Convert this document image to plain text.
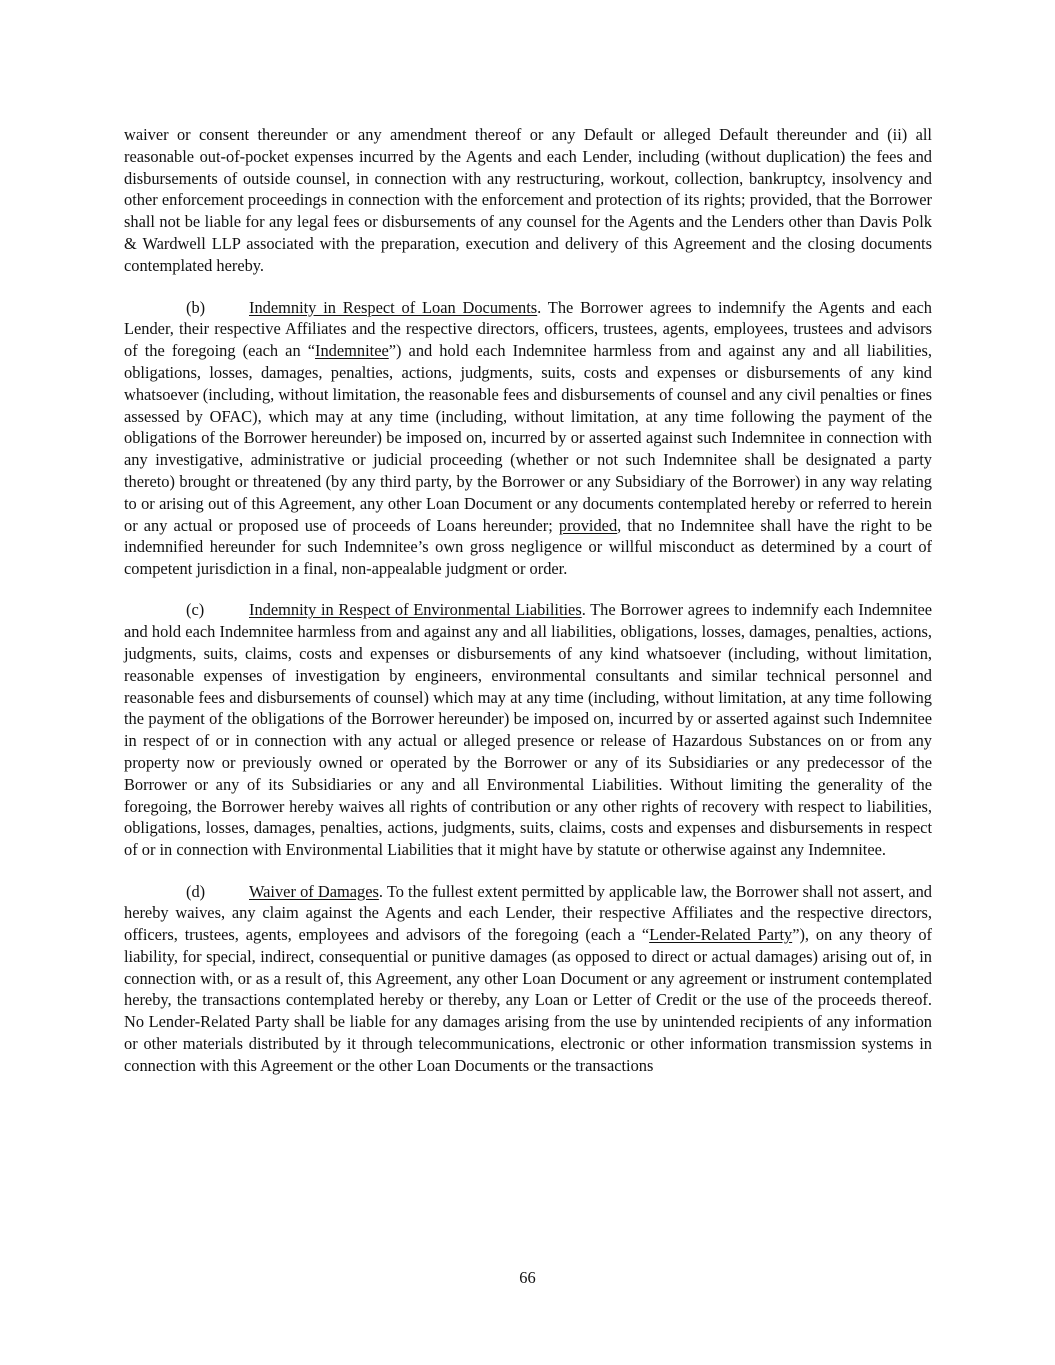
waiver or consent thereunder or any amendment thereof or any Default or alleged Default thereunder and (ii) all reasonable out-of-pocket expenses incurred by the Agents and each Lender, including (without duplication) the fees and disbursements of outside counsel, in connection with any restructuring, workout, collection, bankruptcy, insolvency and other enforcement proceedings in connection with the enforcement and protection of its rights; provided, that the Borrower shall not be liable for any legal fees or disbursements of any counsel for the Agents and the Lenders other than Davis Polk & Wardwell LLP associated with the preparation, execution and delivery of this Agreement and the closing documents contemplated hereby.

(b)	Indemnity in Respect of Loan Documents. The Borrower agrees to indemnify the Agents and each Lender, their respective Affiliates and the respective directors, officers, trustees, agents, employees, trustees and advisors of the foregoing (each an “Indemnitee”) and hold each Indemnitee harmless from and against any and all liabilities, obligations, losses, damages, penalties, actions, judgments, suits, costs and expenses or disbursements of any kind whatsoever (including, without limitation, the reasonable fees and disbursements of counsel and any civil penalties or fines assessed by OFAC), which may at any time (including, without limitation, at any time following the payment of the obligations of the Borrower hereunder) be imposed on, incurred by or asserted against such Indemnitee in connection with any investigative, administrative or judicial proceeding (whether or not such Indemnitee shall be designated a party thereto) brought or threatened (by any third party, by the Borrower or any Subsidiary of the Borrower) in any way relating to or arising out of this Agreement, any other Loan Document or any documents contemplated hereby or referred to herein or any actual or proposed use of proceeds of Loans hereunder; provided, that no Indemnitee shall have the right to be indemnified hereunder for such Indemnitee’s own gross negligence or willful misconduct as determined by a court of competent jurisdiction in a final, non-appealable judgment or order.

(c)	Indemnity in Respect of Environmental Liabilities. The Borrower agrees to indemnify each Indemnitee and hold each Indemnitee harmless from and against any and all liabilities, obligations, losses, damages, penalties, actions, judgments, suits, claims, costs and expenses or disbursements of any kind whatsoever (including, without limitation, reasonable expenses of investigation by engineers, environmental consultants and similar technical personnel and reasonable fees and disbursements of counsel) which may at any time (including, without limitation, at any time following the payment of the obligations of the Borrower hereunder) be imposed on, incurred by or asserted against such Indemnitee in respect of or in connection with any actual or alleged presence or release of Hazardous Substances on or from any property now or previously owned or operated by the Borrower or any of its Subsidiaries or any predecessor of the Borrower or any of its Subsidiaries or any and all Environmental Liabilities. Without limiting the generality of the foregoing, the Borrower hereby waives all rights of contribution or any other rights of recovery with respect to liabilities, obligations, losses, damages, penalties, actions, judgments, suits, claims, costs and expenses and disbursements in respect of or in connection with Environmental Liabilities that it might have by statute or otherwise against any Indemnitee.

(d)	Waiver of Damages. To the fullest extent permitted by applicable law, the Borrower shall not assert, and hereby waives, any claim against the Agents and each Lender, their respective Affiliates and the respective directors, officers, trustees, agents, employees and advisors of the foregoing (each a “Lender-Related Party”), on any theory of liability, for special, indirect, consequential or punitive damages (as opposed to direct or actual damages) arising out of, in connection with, or as a result of, this Agreement, any other Loan Document or any agreement or instrument contemplated hereby, the transactions contemplated hereby or thereby, any Loan or Letter of Credit or the use of the proceeds thereof. No Lender-Related Party shall be liable for any damages arising from the use by unintended recipients of any information or other materials distributed by it through telecommunications, electronic or other information transmission systems in connection with this Agreement or the other Loan Documents or the transactions

66
